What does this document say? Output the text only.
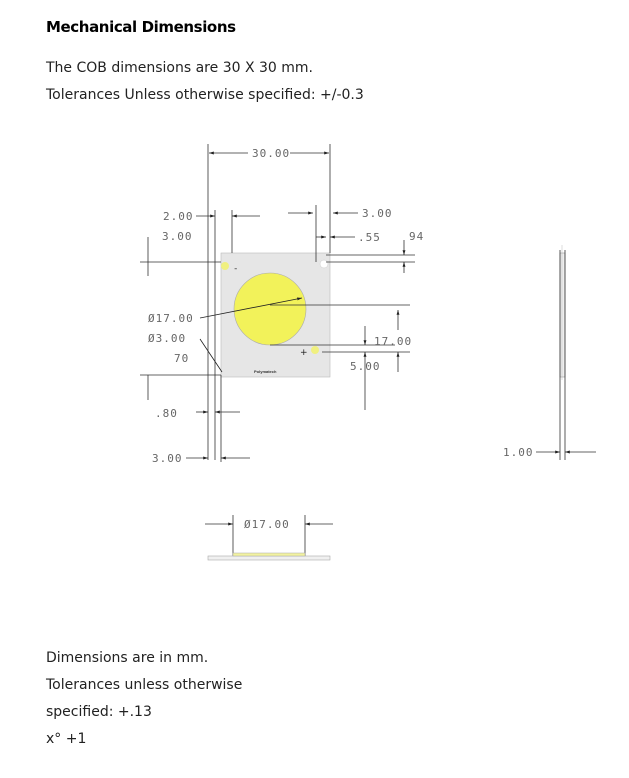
Mechanical Dimensions
The COB dimensions are 30 X 30 mm.
Tolerances Unless otherwise specified: +/-0.3
-
+
Polymatech
30.00
2.00
3.00
3.00
.55	94
Ø17.00
Ø3.00
70
17.00
5.00
.80
3.00	1.00
Ø17.00
Dimensions are in mm.
Tolerances unless otherwise
specified: +.13
x° +1
